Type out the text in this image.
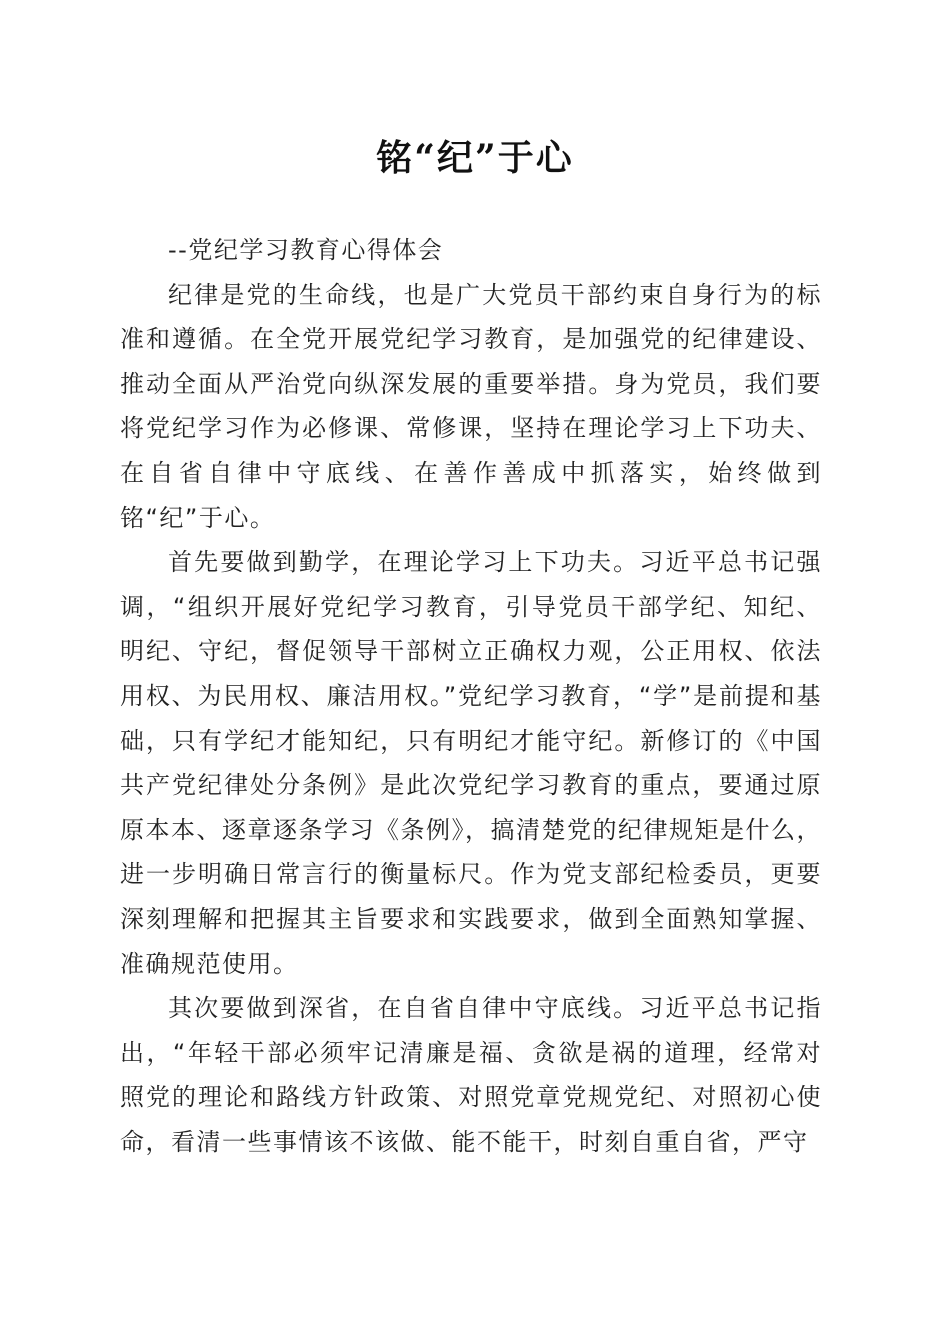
铭“纪”于心

--党纪学习教育心得体会

纪律是党的生命线，也是广大党员干部约束自身行为的标准和遵循。在全党开展党纪学习教育，是加强党的纪律建设、推动全面从严治党向纵深发展的重要举措。身为党员，我们要将党纪学习作为必修课、常修课，坚持在理论学习上下功夫、在自省自律中守底线、在善作善成中抓落实，始终做到铭“纪”于心。

首先要做到勤学，在理论学习上下功夫。习近平总书记强调，“组织开展好党纪学习教育，引导党员干部学纪、知纪、明纪、守纪，督促领导干部树立正确权力观，公正用权、依法用权、为民用权、廉洁用权。”党纪学习教育，“学”是前提和基础，只有学纪才能知纪，只有明纪才能守纪。新修订的《中国共产党纪律处分条例》是此次党纪学习教育的重点，要通过原原本本、逐章逐条学习《条例》，搞清楚党的纪律规矩是什么，进一步明确日常言行的衡量标尺。作为党支部纪检委员，更要深刻理解和把握其主旨要求和实践要求，做到全面熟知掌握、准确规范使用。

其次要做到深省，在自省自律中守底线。习近平总书记指出，“年轻干部必须牢记清廉是福、贪欲是祸的道理，经常对照党的理论和路线方针政策、对照党章党规党纪、对照初心使命，看清一些事情该不该做、能不能干，时刻自重自省，严守
